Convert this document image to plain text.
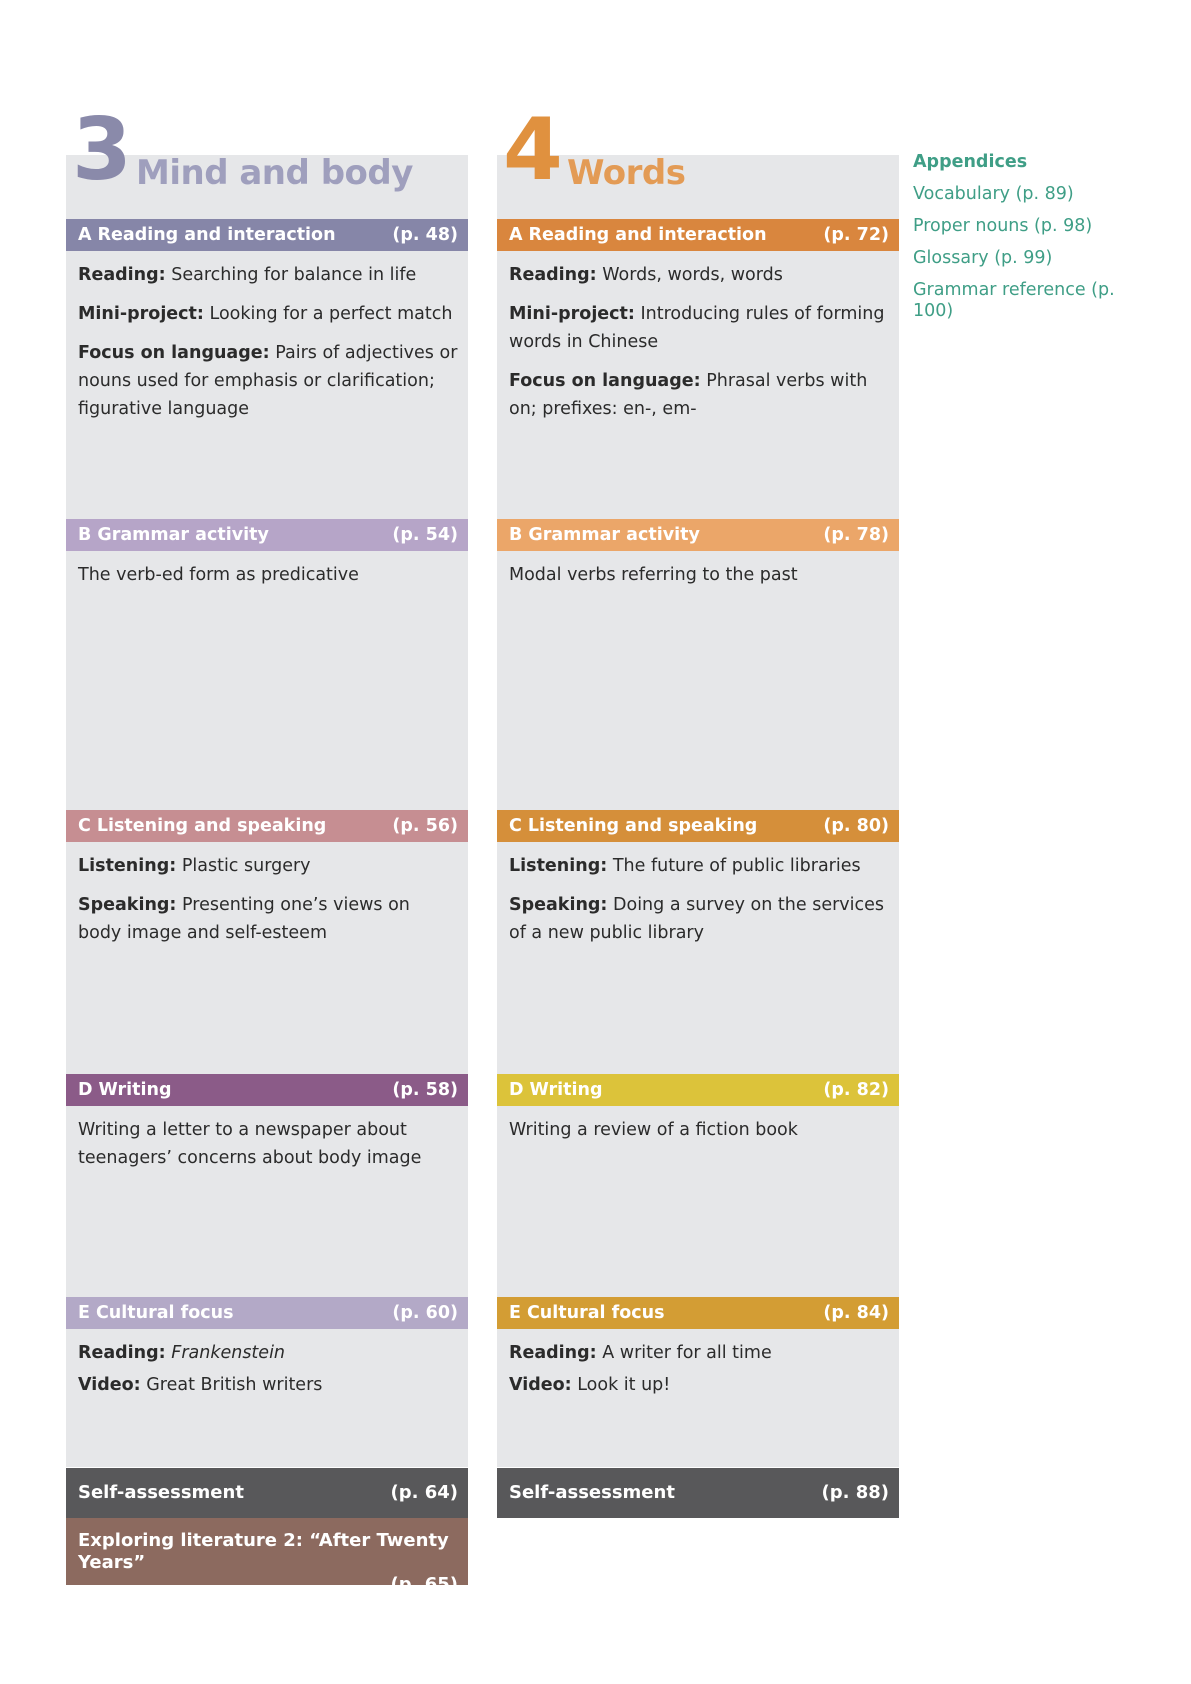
3 Mind and body
A Reading and interaction	(p. 48)

Reading: Searching for balance in life

Mini-project: Looking for a perfect match

Focus on language: Pairs of adjectives or nouns used for emphasis or clarification; figurative language

B Grammar activity	(p. 54)

The verb-ed form as predicative

C Listening and speaking	(p. 56)

Listening: Plastic surgery

Speaking: Presenting one’s views on body image and self-esteem

D Writing	(p. 58)

Writing a letter to a newspaper about teenagers’ concerns about body image

E Cultural focus	(p. 60)

Reading: Frankenstein

Video: Great British writers

Self-assessment	(p. 64)
Exploring literature 2: “After Twenty Years”
(p. 65)
4 Words
A Reading and interaction	(p. 72)

Reading: Words, words, words

Mini-project: Introducing rules of forming words in Chinese

Focus on language: Phrasal verbs with on; prefixes: en-, em-

B Grammar activity	(p. 78)

Modal verbs referring to the past

C Listening and speaking	(p. 80)

Listening: The future of public libraries

Speaking: Doing a survey on the services of a new public library

D Writing	(p. 82)

Writing a review of a fiction book

E Cultural focus	(p. 84)

Reading: A writer for all time

Video: Look it up!

Self-assessment	(p. 88)
Appendices
Vocabulary (p. 89)
Proper nouns (p. 98)
Glossary (p. 99)
Grammar reference (p. 100)
